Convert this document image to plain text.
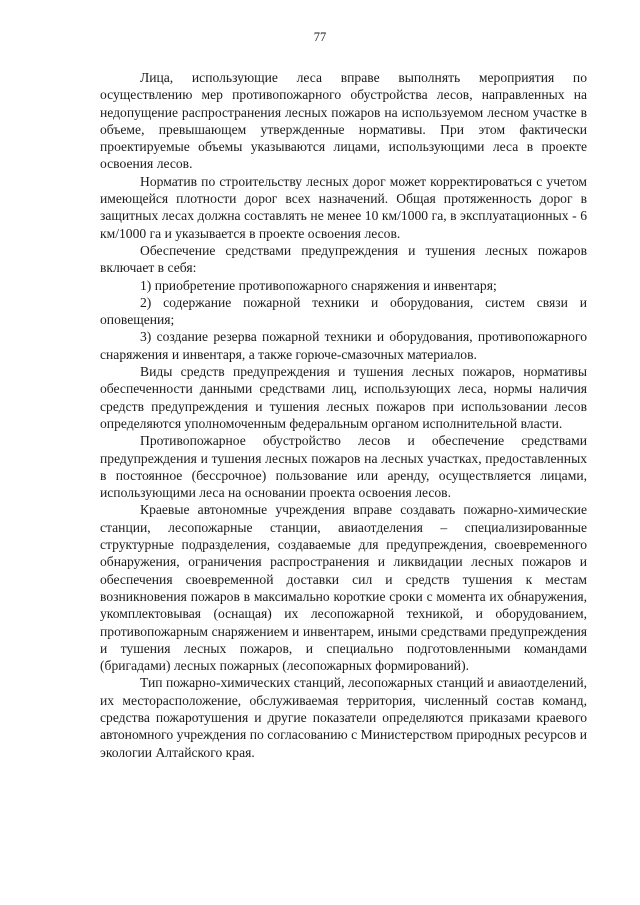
77

Лица, использующие леса вправе выполнять мероприятия по осуществлению мер противопожарного обустройства лесов, направленных на недопущение распространения лесных пожаров на используемом лесном участке в объеме, превышающем утвержденные нормативы. При этом фактически проектируемые объемы указываются лицами, использующими леса в проекте освоения лесов.

Норматив по строительству лесных дорог может корректироваться с учетом имеющейся плотности дорог всех назначений. Общая протяженность дорог в защитных лесах должна составлять не менее 10 км/1000 га, в эксплуатационных - 6 км/1000 га и указывается в проекте освоения лесов.

Обеспечение средствами предупреждения и тушения лесных пожаров включает в себя:

1) приобретение противопожарного снаряжения и инвентаря;

2) содержание пожарной техники и оборудования, систем связи и оповещения;

3) создание резерва пожарной техники и оборудования, противопожарного снаряжения и инвентаря, а также горюче-смазочных материалов.

Виды средств предупреждения и тушения лесных пожаров, нормативы обеспеченности данными средствами лиц, использующих леса, нормы наличия средств предупреждения и тушения лесных пожаров при использовании лесов определяются уполномоченным федеральным органом исполнительной власти.

Противопожарное обустройство лесов и обеспечение средствами предупреждения и тушения лесных пожаров на лесных участках, предоставленных в постоянное (бессрочное) пользование или аренду, осуществляется лицами, использующими леса на основании проекта освоения лесов.

Краевые автономные учреждения вправе создавать пожарно-химические станции, лесопожарные станции, авиаотделения – специализированные структурные подразделения, создаваемые для предупреждения, своевременного обнаружения, ограничения распространения и ликвидации лесных пожаров и обеспечения своевременной доставки сил и средств тушения к местам возникновения пожаров в максимально короткие сроки с момента их обнаружения, укомплектовывая (оснащая) их лесопожарной техникой, и оборудованием, противопожарным снаряжением и инвентарем, иными средствами предупреждения и тушения лесных пожаров, и специально подготовленными командами (бригадами) лесных пожарных (лесопожарных формирований).

Тип пожарно-химических станций, лесопожарных станций и авиаотделений, их месторасположение, обслуживаемая территория, численный состав команд, средства пожаротушения и другие показатели определяются приказами краевого автономного учреждения по согласованию с Министерством природных ресурсов и экологии Алтайского края.
